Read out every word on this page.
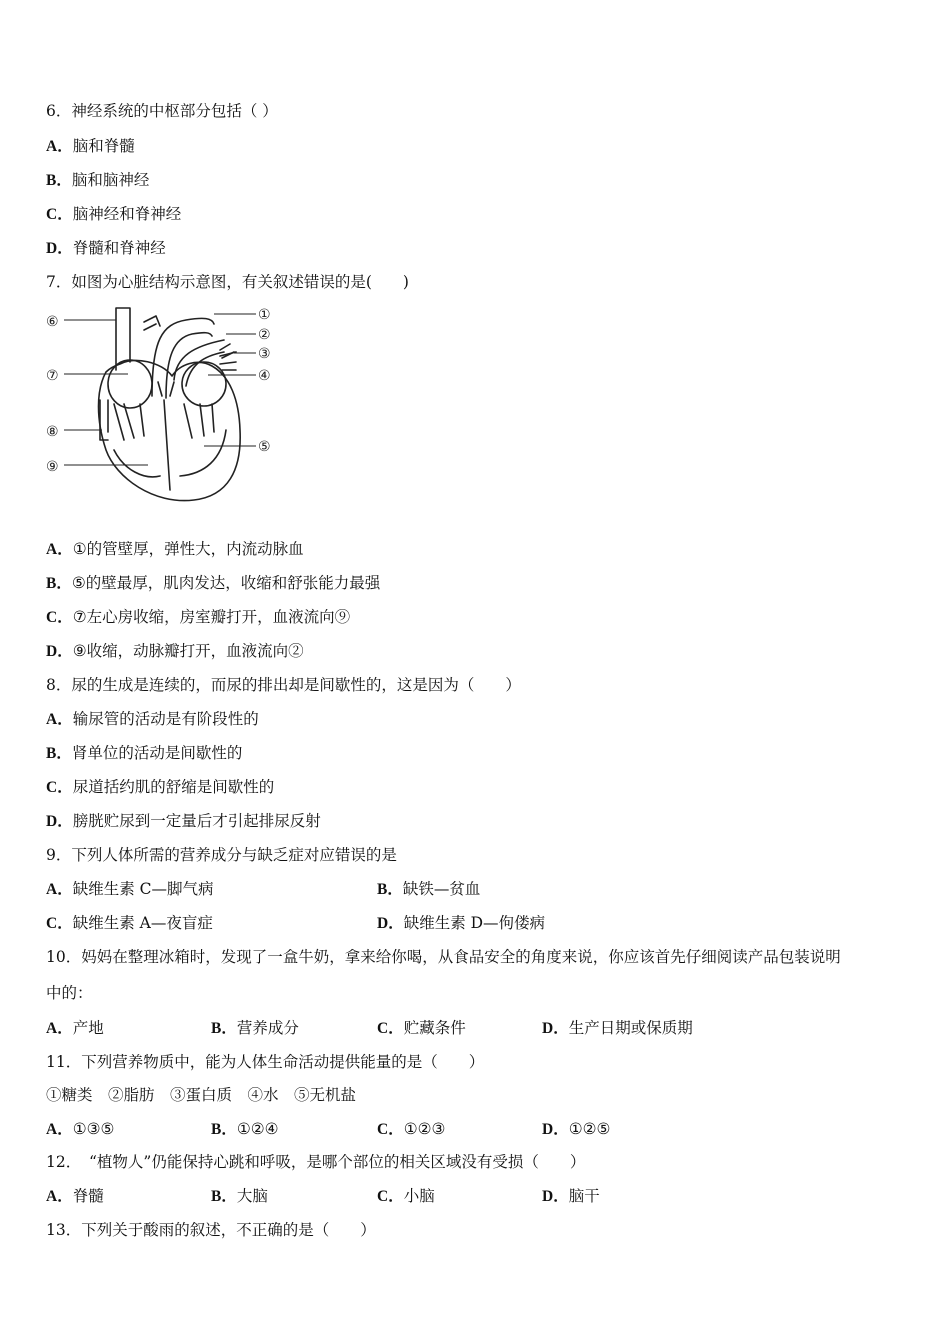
6．神经系统的中枢部分包括（ ）
A．脑和脊髓
B．脑和脑神经
C．脑神经和脊神经
D．脊髓和脊神经
7．如图为心脏结构示意图，有关叙述错误的是(　　)
⑥
⑦
⑧
⑨
①
②
③
④
⑤
A．①的管壁厚，弹性大，内流动脉血
B．⑤的壁最厚，肌肉发达，收缩和舒张能力最强
C．⑦左心房收缩，房室瓣打开，血液流向⑨
D．⑨收缩，动脉瓣打开，血液流向②
8．尿的生成是连续的，而尿的排出却是间歇性的，这是因为（　　）
A．输尿管的活动是有阶段性的
B．肾单位的活动是间歇性的
C．尿道括约肌的舒缩是间歇性的
D．膀胱贮尿到一定量后才引起排尿反射
9．下列人体所需的营养成分与缺乏症对应错误的是
A．缺维生素 C—脚气病	B．缺铁—贫血
C．缺维生素 A—夜盲症	D．缺维生素 D—佝偻病
10．妈妈在整理冰箱时，发现了一盒牛奶，拿来给你喝，从食品安全的角度来说，你应该首先仔细阅读产品包装说明
中的：
A．产地	B．营养成分	C．贮藏条件	D．生产日期或保质期
11．下列营养物质中，能为人体生命活动提供能量的是（　　）
①糖类　②脂肪　③蛋白质　④水　⑤无机盐
A．①③⑤	B．①②④	C．①②③	D．①②⑤
12．　“植物人”仍能保持心跳和呼吸，是哪个部位的相关区域没有受损（　　）
A．脊髓	B．大脑	C．小脑	D．脑干
13．下列关于酸雨的叙述，不正确的是（　　）
